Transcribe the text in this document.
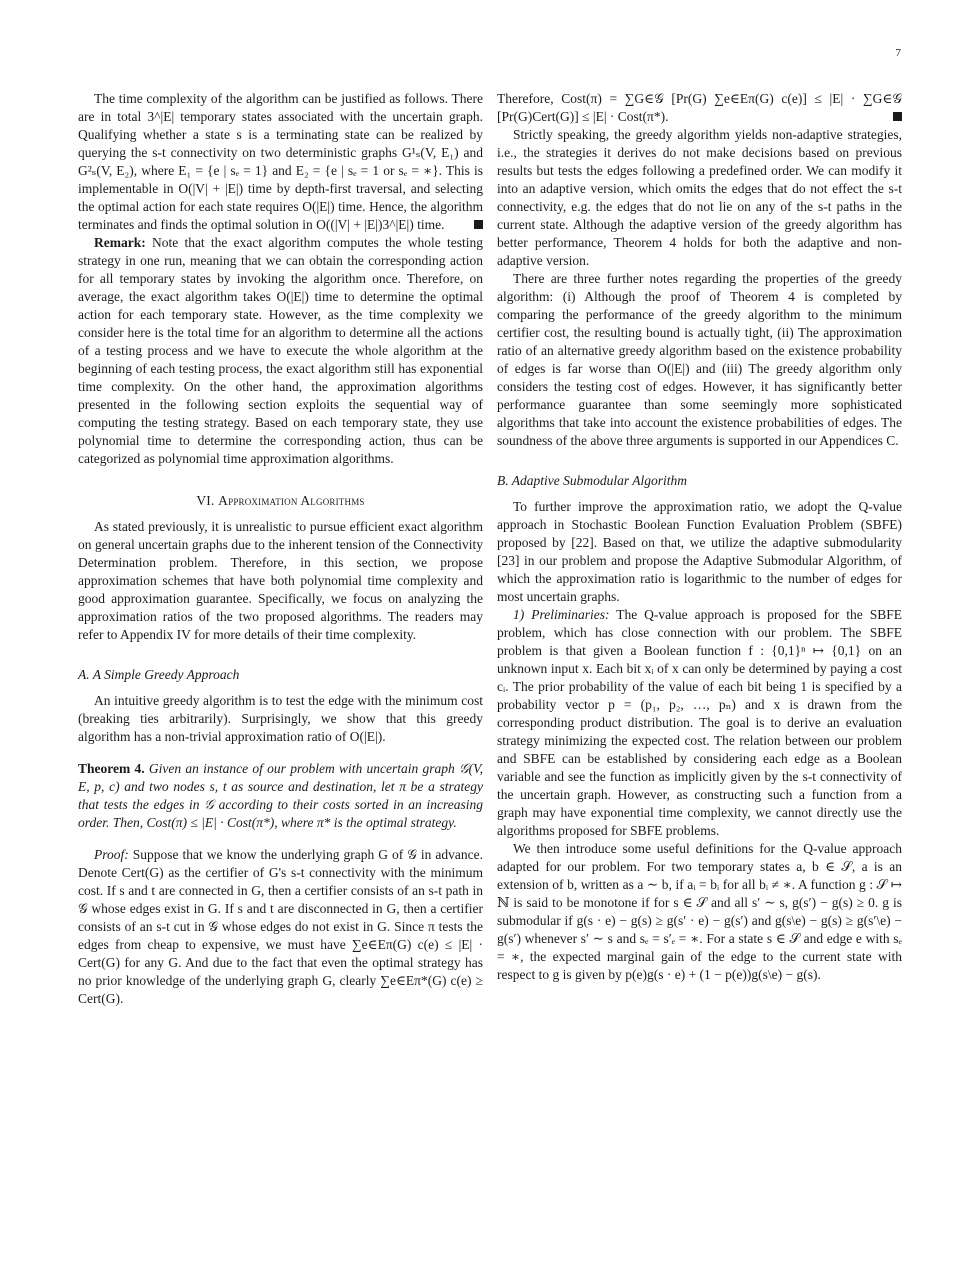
7

The time complexity of the algorithm can be justified as follows. There are in total 3^|E| temporary states associated with the uncertain graph. Qualifying whether a state s is a terminating state can be realized by querying the s-t connectivity on two deterministic graphs G¹ₛ(V, E₁) and G²ₛ(V, E₂), where E₁ = {e | sₑ = 1} and E₂ = {e | sₑ = 1 or sₑ = ∗}. This is implementable in O(|V| + |E|) time by depth-first traversal, and selecting the optimal action for each state requires O(|E|) time. Hence, the algorithm terminates and finds the optimal solution in O((|V| + |E|)3^|E|) time.

Remark: Note that the exact algorithm computes the whole testing strategy in one run, meaning that we can obtain the corresponding action for all temporary states by invoking the algorithm once. Therefore, on average, the exact algorithm takes O(|E|) time to determine the optimal action for each temporary state. However, as the time complexity we consider here is the total time for an algorithm to determine all the actions of a testing process and we have to execute the whole algorithm at the beginning of each testing process, the exact algorithm still has exponential time complexity. On the other hand, the approximation algorithms presented in the following section exploits the sequential way of computing the testing strategy. Based on each temporary state, they use polynomial time to determine the corresponding action, thus can be categorized as polynomial time approximation algorithms.

VI. Approximation Algorithms

As stated previously, it is unrealistic to pursue efficient exact algorithm on general uncertain graphs due to the inherent tension of the Connectivity Determination problem. Therefore, in this section, we propose approximation schemes that have both polynomial time complexity and good approximation guarantee. Specifically, we focus on analyzing the approximation ratios of the two proposed algorithms. The readers may refer to Appendix IV for more details of their time complexity.

A. A Simple Greedy Approach

An intuitive greedy algorithm is to test the edge with the minimum cost (breaking ties arbitrarily). Surprisingly, we show that this greedy algorithm has a non-trivial approximation ratio of O(|E|).

Theorem 4. Given an instance of our problem with uncertain graph 𝒢(V, E, p, c) and two nodes s, t as source and destination, let π be a strategy that tests the edges in 𝒢 according to their costs sorted in an increasing order. Then, Cost(π) ≤ |E| · Cost(π*), where π* is the optimal strategy.

Proof: Suppose that we know the underlying graph G of 𝒢 in advance. Denote Cert(G) as the certifier of G's s-t connectivity with the minimum cost. If s and t are connected in G, then a certifier consists of an s-t path in 𝒢 whose edges exist in G. If s and t are disconnected in G, then a certifier consists of an s-t cut in 𝒢 whose edges do not exist in G. Since π tests the edges from cheap to expensive, we must have ∑e∈Eπ(G) c(e) ≤ |E| · Cert(G) for any G. And due to the fact that even the optimal strategy has no prior knowledge of the underlying graph G, clearly ∑e∈Eπ*(G) c(e) ≥ Cert(G).

Therefore, Cost(π) = ∑G∈𝒢 [Pr(G) ∑e∈Eπ(G) c(e)] ≤ |E| · ∑G∈𝒢 [Pr(G)Cert(G)] ≤ |E| · Cost(π*).

Strictly speaking, the greedy algorithm yields non-adaptive strategies, i.e., the strategies it derives do not make decisions based on previous results but tests the edges following a predefined order. We can modify it into an adaptive version, which omits the edges that do not effect the s-t connectivity, e.g. the edges that do not lie on any of the s-t paths in the current state. Although the adaptive version of the greedy algorithm has better performance, Theorem 4 holds for both the adaptive and non-adaptive version.

There are three further notes regarding the properties of the greedy algorithm: (i) Although the proof of Theorem 4 is completed by comparing the performance of the greedy algorithm to the minimum certifier cost, the resulting bound is actually tight, (ii) The approximation ratio of an alternative greedy algorithm based on the existence probability of edges is far worse than O(|E|) and (iii) The greedy algorithm only considers the testing cost of edges. However, it has significantly better performance guarantee than some seemingly more sophisticated algorithms that take into account the existence probabilities of edges. The soundness of the above three arguments is supported in our Appendices C.

B. Adaptive Submodular Algorithm

To further improve the approximation ratio, we adopt the Q-value approach in Stochastic Boolean Function Evaluation Problem (SBFE) proposed by [22]. Based on that, we utilize the adaptive submodularity [23] in our problem and propose the Adaptive Submodular Algorithm, of which the approximation ratio is logarithmic to the number of edges for most uncertain graphs.

1) Preliminaries: The Q-value approach is proposed for the SBFE problem, which has close connection with our problem. The SBFE problem is that given a Boolean function f : {0,1}ⁿ ↦ {0,1} on an unknown input x. Each bit xᵢ of x can only be determined by paying a cost cᵢ. The prior probability of the value of each bit being 1 is specified by a probability vector p = (p₁, p₂, …, pₙ) and x is drawn from the corresponding product distribution. The goal is to derive an evaluation strategy minimizing the expected cost. The relation between our problem and SBFE can be established by considering each edge as a Boolean variable and see the function as implicitly given by the s-t connectivity of the uncertain graph. However, as constructing such a function from a graph may have exponential time complexity, we cannot directly use the algorithms proposed for SBFE problems.

We then introduce some useful definitions for the Q-value approach adapted for our problem. For two temporary states a, b ∈ 𝒮, a is an extension of b, written as a ∼ b, if aᵢ = bᵢ for all bᵢ ≠ ∗. A function g : 𝒮 ↦ ℕ is said to be monotone if for s ∈ 𝒮 and all s′ ∼ s, g(s′) − g(s) ≥ 0. g is submodular if g(s · e) − g(s) ≥ g(s′ · e) − g(s′) and g(s\e) − g(s) ≥ g(s′\e) − g(s′) whenever s′ ∼ s and sₑ = s′ₑ = ∗. For a state s ∈ 𝒮 and edge e with sₑ = ∗, the expected marginal gain of the edge to the current state with respect to g is given by p(e)g(s · e) + (1 − p(e))g(s\e) − g(s).
